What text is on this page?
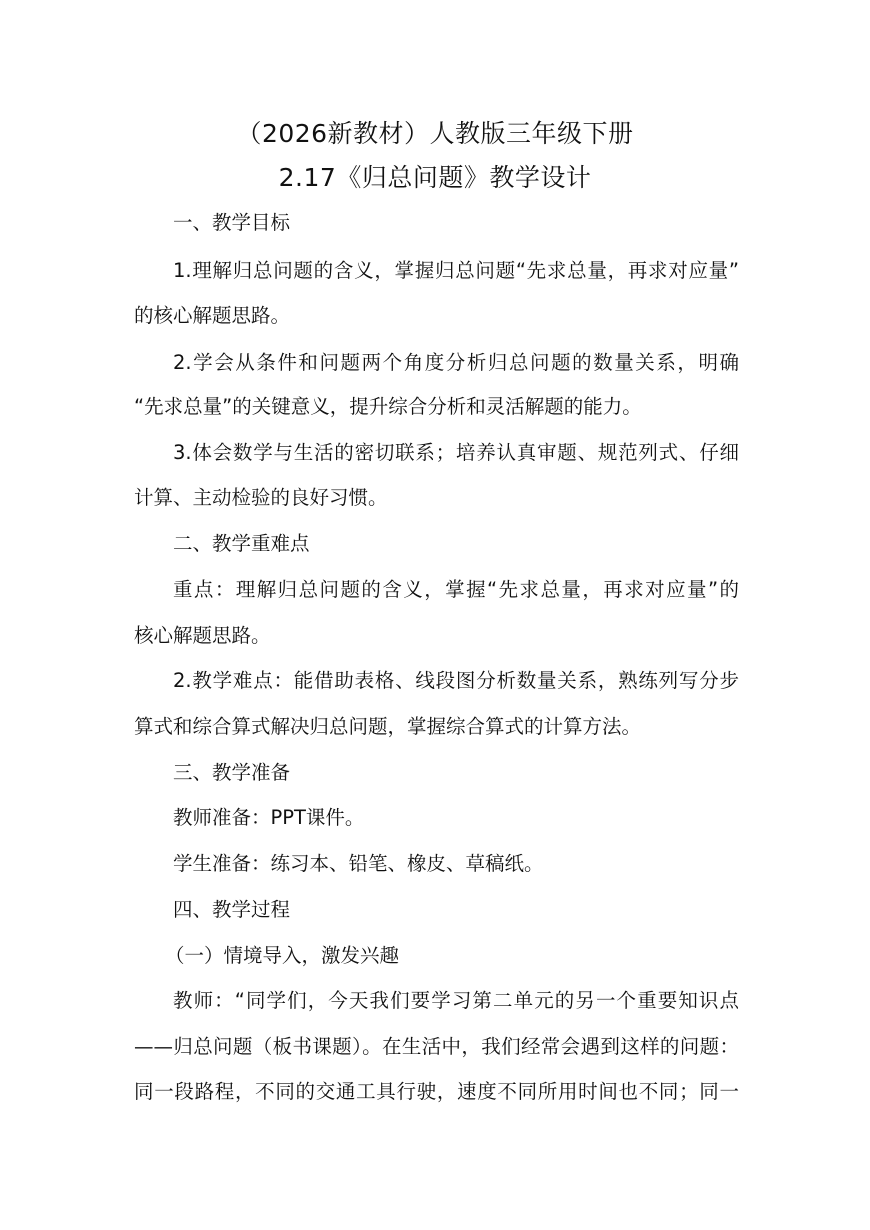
（2026新教材）人教版三年级下册
2.17《归总问题》教学设计
一、教学目标
1.理解归总问题的含义，掌握归总问题“先求总量，再求对应量”
的核心解题思路。
2.学会从条件和问题两个角度分析归总问题的数量关系，明确
“先求总量”的关键意义，提升综合分析和灵活解题的能力。
3.体会数学与生活的密切联系；培养认真审题、规范列式、仔细
计算、主动检验的良好习惯。
二、教学重难点
重点：理解归总问题的含义，掌握“先求总量，再求对应量”的
核心解题思路。
2.教学难点：能借助表格、线段图分析数量关系，熟练列写分步
算式和综合算式解决归总问题，掌握综合算式的计算方法。
三、教学准备
教师准备：PPT课件。
学生准备：练习本、铅笔、橡皮、草稿纸。
四、教学过程
（一）情境导入，激发兴趣
教师：“同学们，今天我们要学习第二单元的另一个重要知识点
——归总问题（板书课题）。在生活中，我们经常会遇到这样的问题：
同一段路程，不同的交通工具行驶，速度不同所用时间也不同；同一
